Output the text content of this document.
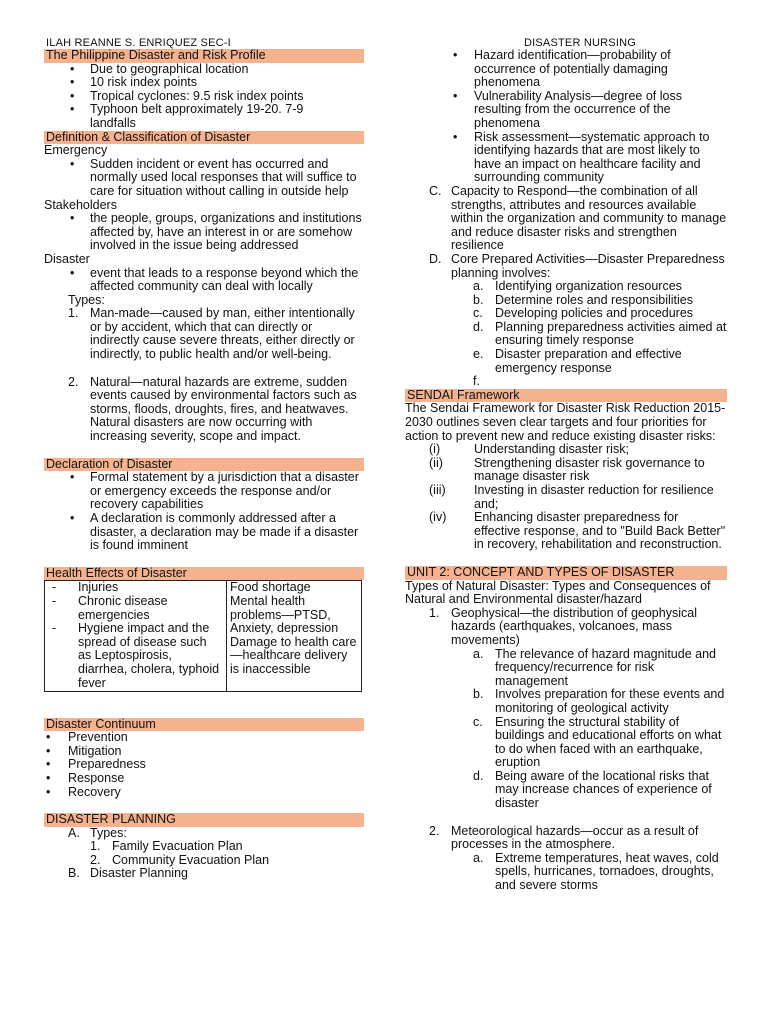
ILAH REANNE S. ENRIQUEZ SEC-I	DISASTER NURSING
The Philippine Disaster and Risk Profile
• Due to geographical location
• 10 risk index points
• Tropical cyclones: 9.5 risk index points
• Typhoon belt approximately 19-20. 7-9 landfalls
Definition & Classification of Disaster
Emergency
• Sudden incident or event has occurred and normally used local responses that will suffice to care for situation without calling in outside help
Stakeholders
• the people, groups, organizations and institutions affected by, have an interest in or are somehow involved in the issue being addressed
Disaster
• event that leads to a response beyond which the affected community can deal with locally
Types:
1. Man-made—caused by man, either intentionally or by accident, which that can directly or indirectly cause severe threats, either directly or indirectly, to public health and/or well-being.
2. Natural—natural hazards are extreme, sudden events caused by environmental factors such as storms, floods, droughts, fires, and heatwaves. Natural disasters are now occurring with increasing severity, scope and impact.
Declaration of Disaster
• Formal statement by a jurisdiction that a disaster or emergency exceeds the response and/or recovery capabilities
• A declaration is commonly addressed after a disaster, a declaration may be made if a disaster is found imminent
Health Effects of Disaster
- Injuries
- Chronic disease emergencies
- Hygiene impact and the spread of disease such as Leptospirosis, diarrhea, cholera, typhoid fever

Food shortage
Mental health problems—PTSD, Anxiety, depression
Damage to health care—healthcare delivery is inaccessible
Disaster Continuum
• Prevention
• Mitigation
• Preparedness
• Response
• Recovery
DISASTER PLANNING
A. Types:
1. Family Evacuation Plan
2. Community Evacuation Plan
B. Disaster Planning
• Hazard identification—probability of occurrence of potentially damaging phenomena
• Vulnerability Analysis—degree of loss resulting from the occurrence of the phenomena
• Risk assessment—systematic approach to identifying hazards that are most likely to have an impact on healthcare facility and surrounding community
C. Capacity to Respond—the combination of all strengths, attributes and resources available within the organization and community to manage and reduce disaster risks and strengthen resilience
D. Core Prepared Activities—Disaster Preparedness planning involves:
a. Identifying organization resources
b. Determine roles and responsibilities
c. Developing policies and procedures
d. Planning preparedness activities aimed at ensuring timely response
e. Disaster preparation and effective emergency response
f.
SENDAI Framework
The Sendai Framework for Disaster Risk Reduction 2015-2030 outlines seven clear targets and four priorities for action to prevent new and reduce existing disaster risks:
(i)	Understanding disaster risk;
(ii) Strengthening disaster risk governance to manage disaster risk
(iii) Investing in disaster reduction for resilience and;
(iv) Enhancing disaster preparedness for effective response, and to "Build Back Better" in recovery, rehabilitation and reconstruction.
UNIT 2: CONCEPT AND TYPES OF DISASTER
Types of Natural Disaster: Types and Consequences of Natural and Environmental disaster/hazard
1. Geophysical—the distribution of geophysical hazards (earthquakes, volcanoes, mass movements)
a. The relevance of hazard magnitude and frequency/recurrence for risk management
b. Involves preparation for these events and monitoring of geological activity
c. Ensuring the structural stability of buildings and educational efforts on what to do when faced with an earthquake, eruption
d. Being aware of the locational risks that may increase chances of experience of disaster
2. Meteorological hazards—occur as a result of processes in the atmosphere.
a. Extreme temperatures, heat waves, cold spells, hurricanes, tornadoes, droughts, and severe storms
